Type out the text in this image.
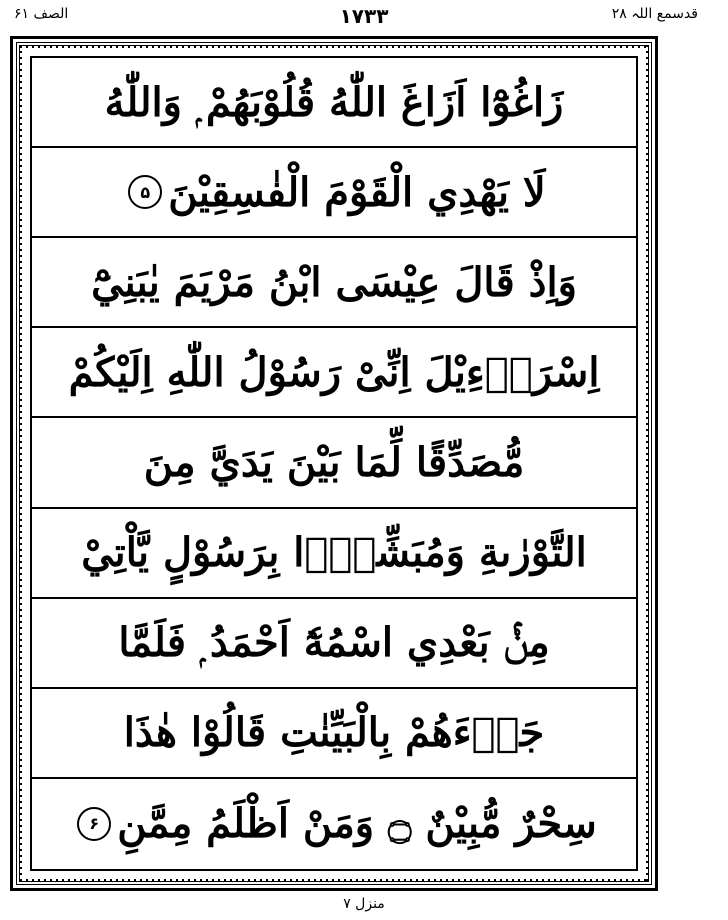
قدسمع اللہ ۲۸
۱۷۳۳
الصف ۶۱
زَاغُوْٓا اَزَاغَ اللّٰهُ قُلُوْبَهُمْ ۭ وَاللّٰهُ
لَا يَهْدِي الْقَوْمَ الْفٰسِقِيْنَ
۵
وَاِذْ قَالَ عِيْسَى ابْنُ مَرْيَمَ يٰبَنِيْٓ
اِسْرَاۗءِيْلَ اِنِّىْ رَسُوْلُ اللّٰهِ اِلَيْكُمْ
مُّصَدِّقًا لِّمَا بَيْنَ يَدَيَّ مِنَ
التَّوْرٰىةِ وَمُبَشِّرًۢا بِرَسُوْلٍ يَّاْتِيْ
مِنْۢ بَعْدِي اسْمُهٗٓ اَحْمَدُ ۭ فَلَمَّا
جَاۗءَهُمْ بِالْبَيِّنٰتِ قَالُوْا هٰذَا
سِحْرٌ مُّبِيْنٌ ۝ وَمَنْ اَظْلَمُ مِمَّنِ
۶
منزل ۷
